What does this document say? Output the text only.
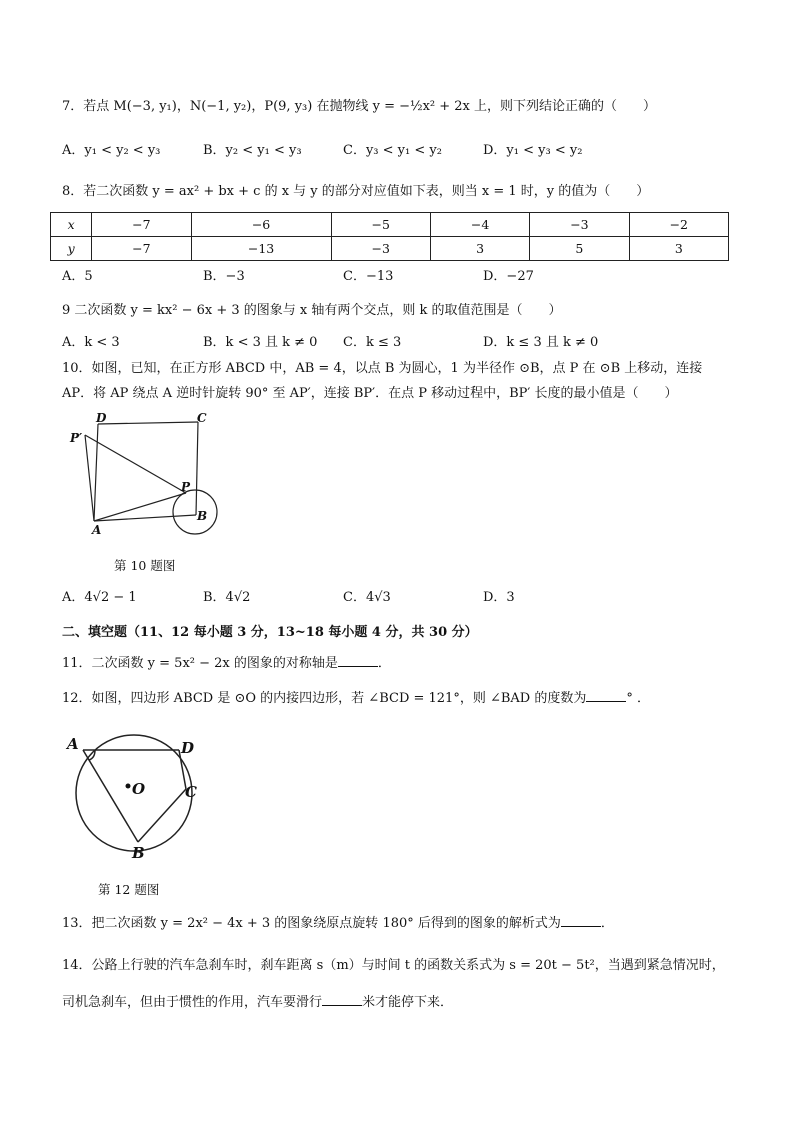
7．若点 M(−3, y₁)，N(−1, y₂)，P(9, y₃) 在抛物线 y = −½x² + 2x 上，则下列结论正确的（　　）
A．y₁ < y₂ < y₃	B．y₂ < y₁ < y₃	C．y₃ < y₁ < y₂	D．y₁ < y₃ < y₂
8．若二次函数 y = ax² + bx + c 的 x 与 y 的部分对应值如下表，则当 x = 1 时，y 的值为（　　）
x	−7	−6	−5	−4	−3	−2
y	−7	−13	−3	3	5	3
A．5	B．−3	C．−13	D．−27
9 二次函数 y = kx² − 6x + 3 的图象与 x 轴有两个交点，则 k 的取值范围是（　　）
A．k < 3	B．k < 3 且 k ≠ 0 C．k ≤ 3	D．k ≤ 3 且 k ≠ 0
10．如图，已知，在正方形 ABCD 中，AB = 4，以点 B 为圆心，1 为半径作 ⊙B，点 P 在 ⊙B 上移动，连接
AP．将 AP 绕点 A 逆时针旋转 90° 至 AP′，连接 BP′．在点 P 移动过程中，BP′ 长度的最小值是（　　）
D	C
P′
P
A
B
第 10 题图
A．4√2 − 1	B．4√2	C．4√3	D．3
二、填空题（11、12 每小题 3 分，13~18 每小题 4 分，共 30 分）
11．二次函数 y = 5x² − 2x 的图象的对称轴是	．
12．如图，四边形 ABCD 是 ⊙O 的内接四边形，若 ∠BCD = 121°，则 ∠BAD 的度数为	° ．
A	D
O	C
B
第 12 题图
13．把二次函数 y = 2x² − 4x + 3 的图象绕原点旋转 180° 后得到的图象的解析式为	．
14．公路上行驶的汽车急刹车时，刹车距离 s（m）与时间 t 的函数关系式为 s = 20t − 5t²，当遇到紧急情况时，
司机急刹车，但由于惯性的作用，汽车要滑行	米才能停下来．
